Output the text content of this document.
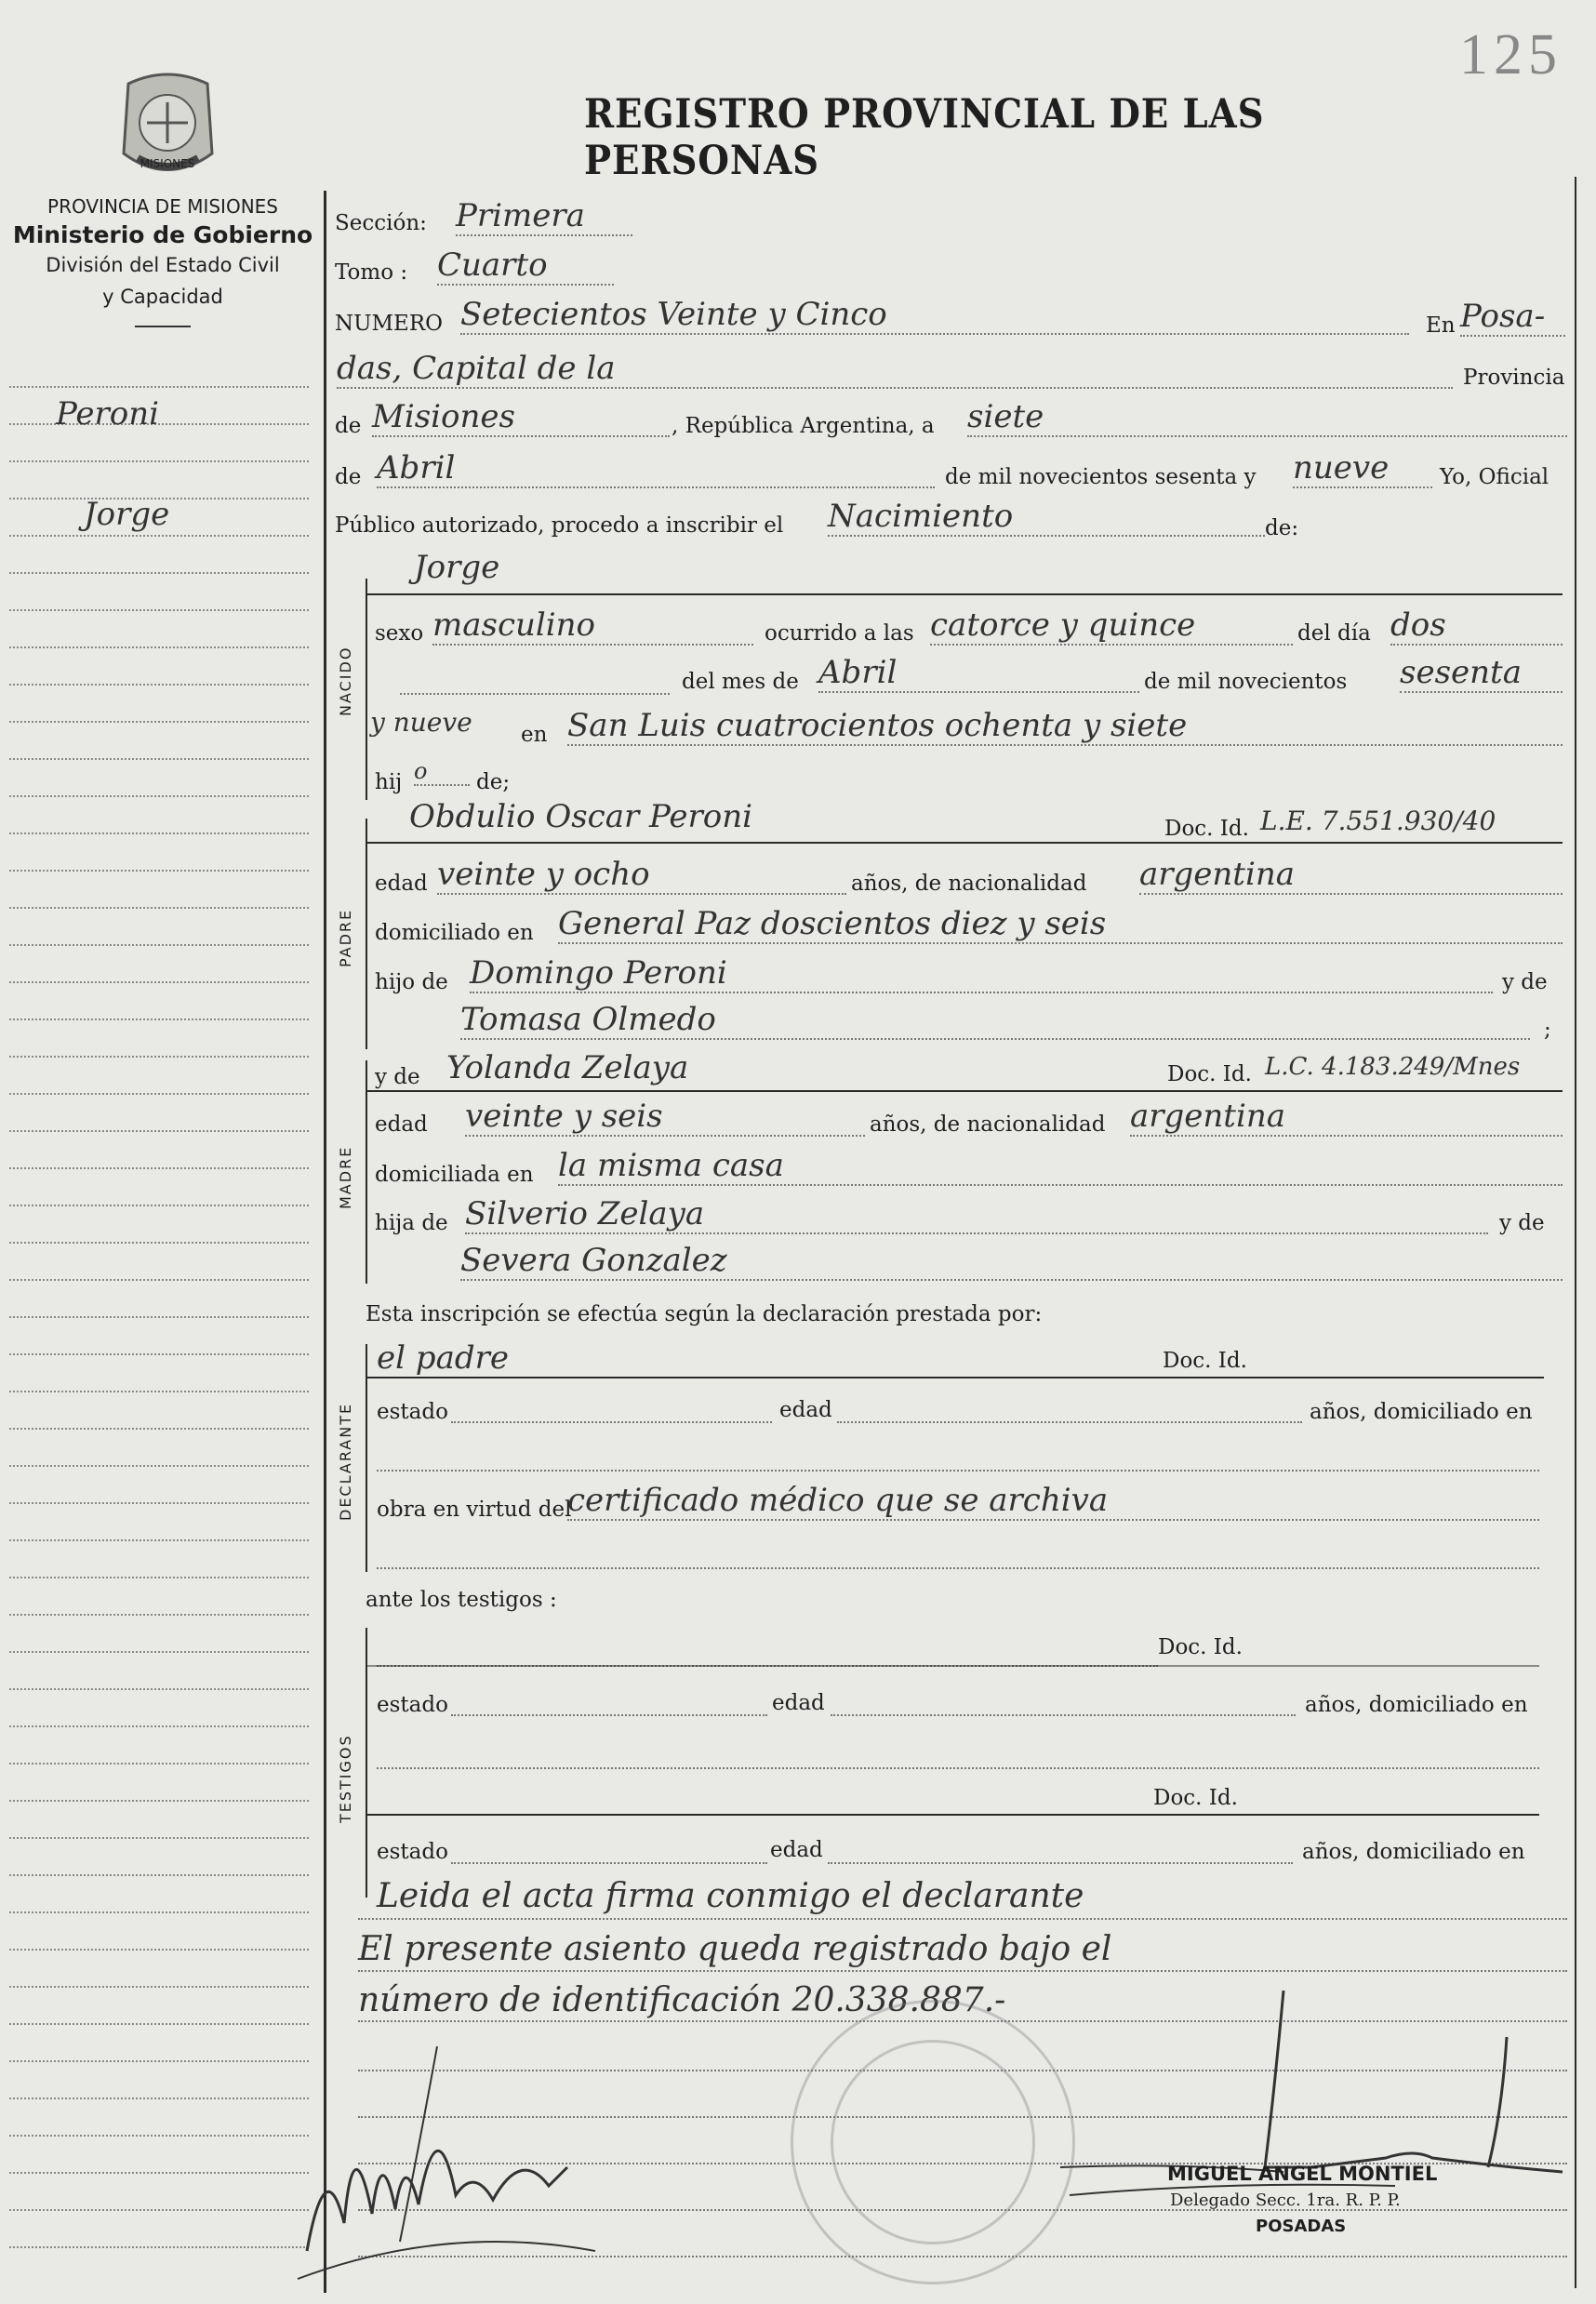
125
REGISTRO PROVINCIAL DE LAS PERSONAS
MISIONES
PROVINCIA DE MISIONES
Ministerio de Gobierno
División del Estado Civil
y Capacidad
Peroni
Jorge
Sección: Primera
Tomo : Cuarto
NUMERO Setecientos Veinte y Cinco	En Posa-
das, Capital de la	Provincia
de Misiones	, República Argentina, a siete
de Abril	de mil novecientos sesenta y nueve	Yo, Oficial
Público autorizado, procedo a inscribir el Nacimiento	de:
NACIDO
Jorge
sexo masculino	ocurrido a las catorce y quince	del día dos
del mes de Abril	de mil novecientos sesenta
y nueve en San Luis cuatrocientos ochenta y siete
hij o	de;
PADRE
Obdulio Oscar Peroni	Doc. Id. L.E. 7.551.930/40
edad veinte y ocho	años, de nacionalidad argentina
domiciliado en General Paz doscientos diez y seis
hijo de Domingo Peroni	y de
Tomasa Olmedo	;
MADRE
y de Yolanda Zelaya	Doc. Id. L.C. 4.183.249/Mnes
edad veinte y seis	años, de nacionalidad argentina
domiciliada en la misma casa
hija de Silverio Zelaya	y de
Severa Gonzalez
Esta inscripción se efectúa según la declaración prestada por:
DECLARANTE
el padre	Doc. Id.
estado	edad	años, domiciliado en
obra en virtud del
certificado médico que se archiva
ante los testigos :
TESTIGOS
Doc. Id.
estado	edad	años, domiciliado en
Doc. Id.
estado	edad	años, domiciliado en
Leida el acta firma conmigo el declarante
El presente asiento queda registrado bajo el
número de identificación 20.338.887.-
MIGUEL ANGEL MONTIEL
Delegado Secc. 1ra. R. P. P.
POSADAS
